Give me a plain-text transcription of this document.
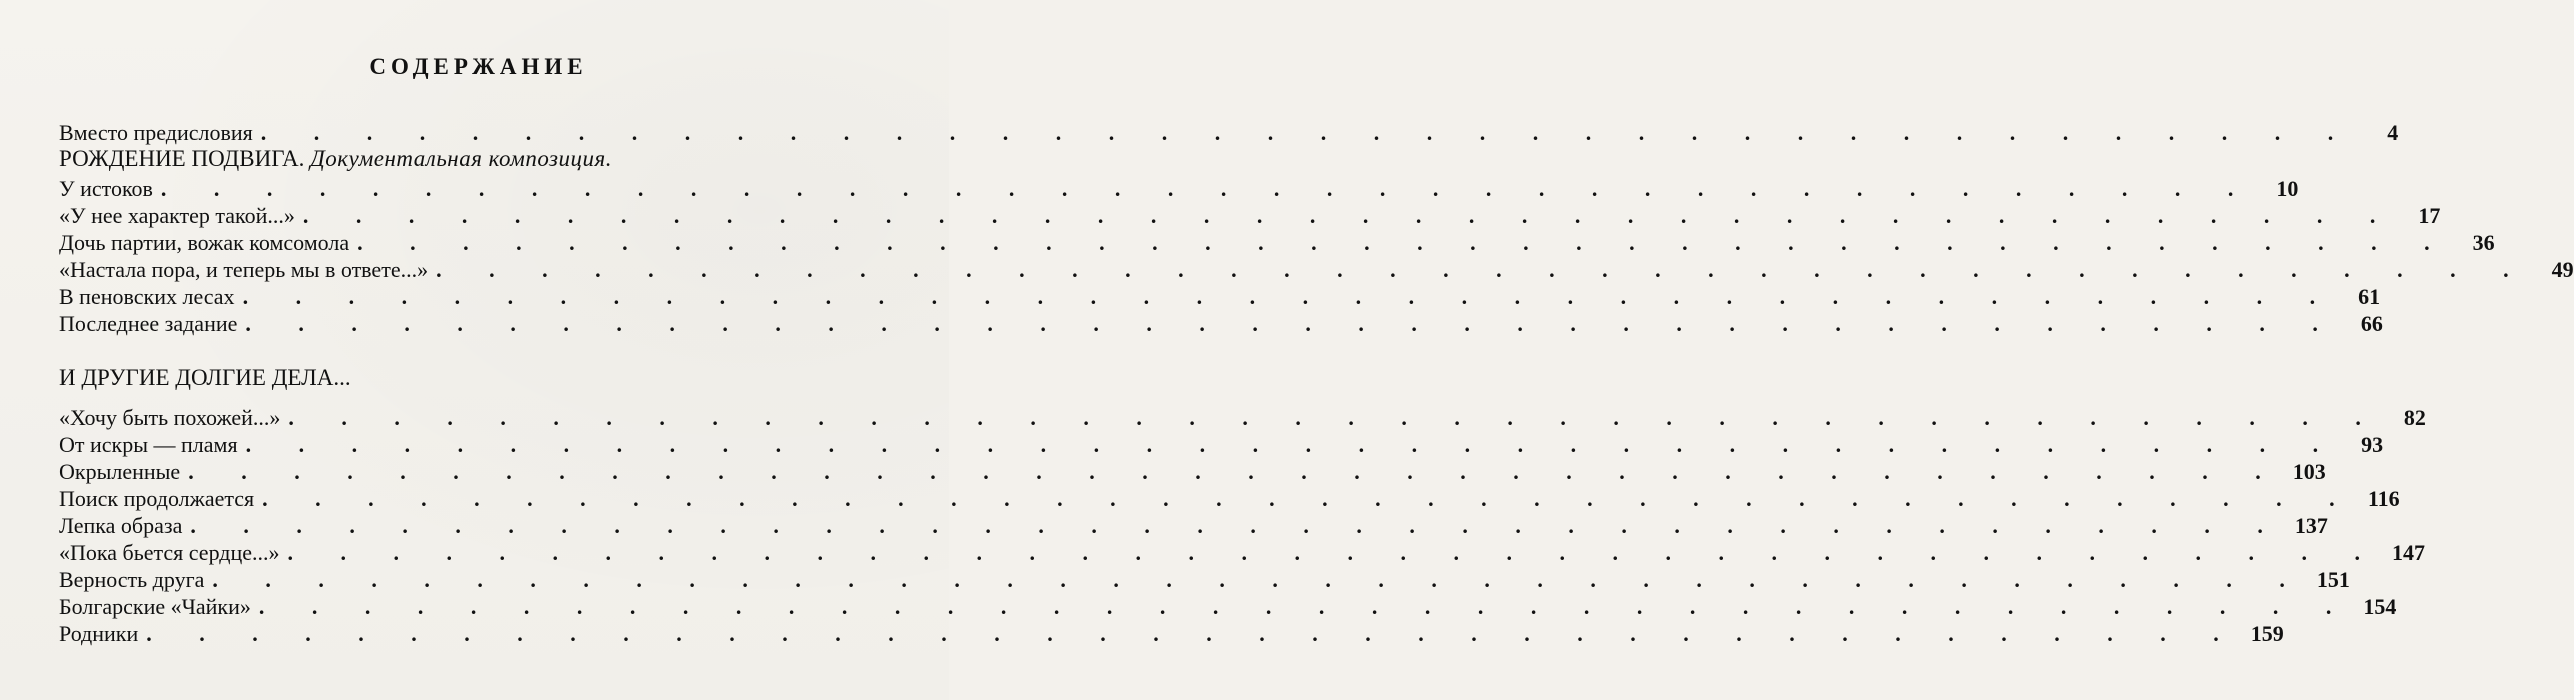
СОДЕРЖАНИЕ
Вместо предисловия . . . . . . . . . . . . . . . . . . . . . . . . . . . . . . . . . . . . . . . .	4
РОЖДЕНИЕ ПОДВИГА. Документальная композиция.
У истоков . . . . . . . . . . . . . . . . . . . . . . . . . . . . . . . . . . . . . . . .	10
«У нее характер такой...» . . . . . . . . . . . . . . . . . . . . . . . . . . . . . . . . . . . . . . . .	17
Дочь партии, вожак комсомола . . . . . . . . . . . . . . . . . . . . . . . . . . . . . . . . . . . . . . . .	36
«Настала пора, и теперь мы в ответе...» . . . . . . . . . . . . . . . . . . . . . . . . . . . . . . . . . . . . . . . .	49
В пеновских лесах . . . . . . . . . . . . . . . . . . . . . . . . . . . . . . . . . . . . . . . .	61
Последнее задание . . . . . . . . . . . . . . . . . . . . . . . . . . . . . . . . . . . . . . . .	66
И ДРУГИЕ ДОЛГИЕ ДЕЛА...
«Хочу быть похожей...» . . . . . . . . . . . . . . . . . . . . . . . . . . . . . . . . . . . . . . . .	82
От искры — пламя . . . . . . . . . . . . . . . . . . . . . . . . . . . . . . . . . . . . . . . .	93
Окрыленные . . . . . . . . . . . . . . . . . . . . . . . . . . . . . . . . . . . . . . . . 103
Поиск продолжается . . . . . . . . . . . . . . . . . . . . . . . . . . . . . . . . . . . . . . . . 116
Лепка образа . . . . . . . . . . . . . . . . . . . . . . . . . . . . . . . . . . . . . . . . 137
«Пока бьется сердце...» . . . . . . . . . . . . . . . . . . . . . . . . . . . . . . . . . . . . . . . . 147
Верность друга . . . . . . . . . . . . . . . . . . . . . . . . . . . . . . . . . . . . . . . . 151
Болгарские «Чайки» . . . . . . . . . . . . . . . . . . . . . . . . . . . . . . . . . . . . . . . . 154
Родники . . . . . . . . . . . . . . . . . . . . . . . . . . . . . . . . . . . . . . . . 159
